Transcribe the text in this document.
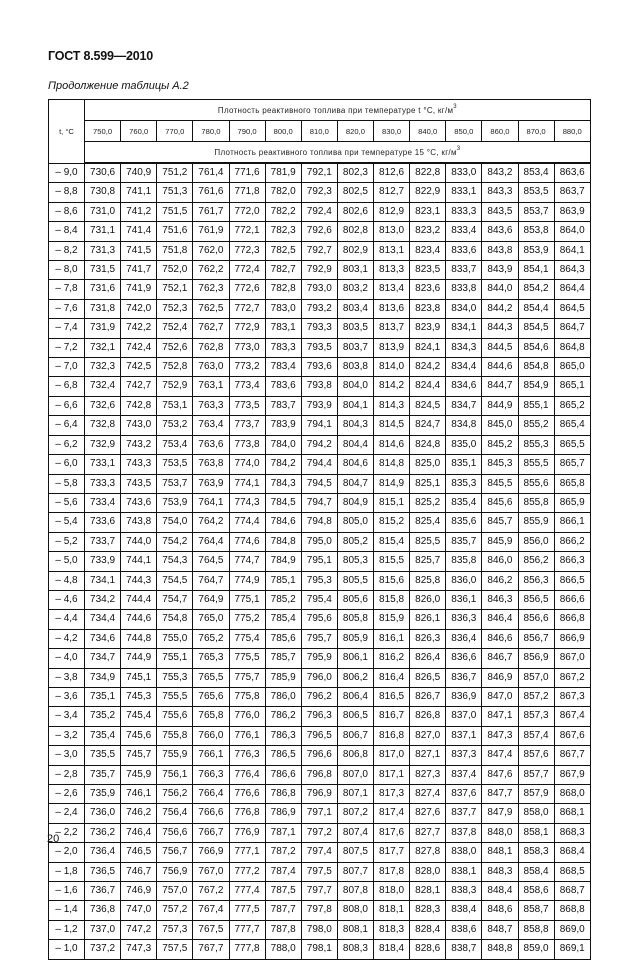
ГОСТ 8.599—2010
Продолжение таблицы А.2
t, °C	Плотность реактивного топлива при температуре t °C, $кг/м^3$
	750,0	760,0	770,0	780,0	790,0	800,0	810,0	820,0	830,0	840,0	850,0	860,0	870,0	880,0
	Плотность реактивного топлива при температуре 15 °C, $кг/м^3$
– 9,0	730,6	740,9	751,2	761,4	771,6	781,9	792,1	802,3	812,6	822,8	833,0	843,2	853,4	863,6
– 8,8	730,8	741,1	751,3	761,6	771,8	782,0	792,3	802,5	812,7	822,9	833,1	843,3	853,5	863,7
– 8,6	731,0	741,2	751,5	761,7	772,0	782,2	792,4	802,6	812,9	823,1	833,3	843,5	853,7	863,9
– 8,4	731,1	741,4	751,6	761,9	772,1	782,3	792,6	802,8	813,0	823,2	833,4	843,6	853,8	864,0
– 8,2	731,3	741,5	751,8	762,0	772,3	782,5	792,7	802,9	813,1	823,4	833,6	843,8	853,9	864,1
– 8,0	731,5	741,7	752,0	762,2	772,4	782,7	792,9	803,1	813,3	823,5	833,7	843,9	854,1	864,3
– 7,8	731,6	741,9	752,1	762,3	772,6	782,8	793,0	803,2	813,4	823,6	833,8	844,0	854,2	864,4
– 7,6	731,8	742,0	752,3	762,5	772,7	783,0	793,2	803,4	813,6	823,8	834,0	844,2	854,4	864,5
– 7,4	731,9	742,2	752,4	762,7	772,9	783,1	793,3	803,5	813,7	823,9	834,1	844,3	854,5	864,7
– 7,2	732,1	742,4	752,6	762,8	773,0	783,3	793,5	803,7	813,9	824,1	834,3	844,5	854,6	864,8
– 7,0	732,3	742,5	752,8	763,0	773,2	783,4	793,6	803,8	814,0	824,2	834,4	844,6	854,8	865,0
– 6,8	732,4	742,7	752,9	763,1	773,4	783,6	793,8	804,0	814,2	824,4	834,6	844,7	854,9	865,1
– 6,6	732,6	742,8	753,1	763,3	773,5	783,7	793,9	804,1	814,3	824,5	834,7	844,9	855,1	865,2
– 6,4	732,8	743,0	753,2	763,4	773,7	783,9	794,1	804,3	814,5	824,7	834,8	845,0	855,2	865,4
– 6,2	732,9	743,2	753,4	763,6	773,8	784,0	794,2	804,4	814,6	824,8	835,0	845,2	855,3	865,5
– 6,0	733,1	743,3	753,5	763,8	774,0	784,2	794,4	804,6	814,8	825,0	835,1	845,3	855,5	865,7
– 5,8	733,3	743,5	753,7	763,9	774,1	784,3	794,5	804,7	814,9	825,1	835,3	845,5	855,6	865,8
– 5,6	733,4	743,6	753,9	764,1	774,3	784,5	794,7	804,9	815,1	825,2	835,4	845,6	855,8	865,9
– 5,4	733,6	743,8	754,0	764,2	774,4	784,6	794,8	805,0	815,2	825,4	835,6	845,7	855,9	866,1
– 5,2	733,7	744,0	754,2	764,4	774,6	784,8	795,0	805,2	815,4	825,5	835,7	845,9	856,0	866,2
– 5,0	733,9	744,1	754,3	764,5	774,7	784,9	795,1	805,3	815,5	825,7	835,8	846,0	856,2	866,3
– 4,8	734,1	744,3	754,5	764,7	774,9	785,1	795,3	805,5	815,6	825,8	836,0	846,2	856,3	866,5
– 4,6	734,2	744,4	754,7	764,9	775,1	785,2	795,4	805,6	815,8	826,0	836,1	846,3	856,5	866,6
– 4,4	734,4	744,6	754,8	765,0	775,2	785,4	795,6	805,8	815,9	826,1	836,3	846,4	856,6	866,8
– 4,2	734,6	744,8	755,0	765,2	775,4	785,6	795,7	805,9	816,1	826,3	836,4	846,6	856,7	866,9
– 4,0	734,7	744,9	755,1	765,3	775,5	785,7	795,9	806,1	816,2	826,4	836,6	846,7	856,9	867,0
– 3,8	734,9	745,1	755,3	765,5	775,7	785,9	796,0	806,2	816,4	826,5	836,7	846,9	857,0	867,2
– 3,6	735,1	745,3	755,5	765,6	775,8	786,0	796,2	806,4	816,5	826,7	836,9	847,0	857,2	867,3
– 3,4	735,2	745,4	755,6	765,8	776,0	786,2	796,3	806,5	816,7	826,8	837,0	847,1	857,3	867,4
– 3,2	735,4	745,6	755,8	766,0	776,1	786,3	796,5	806,7	816,8	827,0	837,1	847,3	857,4	867,6
– 3,0	735,5	745,7	755,9	766,1	776,3	786,5	796,6	806,8	817,0	827,1	837,3	847,4	857,6	867,7
– 2,8	735,7	745,9	756,1	766,3	776,4	786,6	796,8	807,0	817,1	827,3	837,4	847,6	857,7	867,9
– 2,6	735,9	746,1	756,2	766,4	776,6	786,8	796,9	807,1	817,3	827,4	837,6	847,7	857,9	868,0
– 2,4	736,0	746,2	756,4	766,6	776,8	786,9	797,1	807,2	817,4	827,6	837,7	847,9	858,0	868,1
– 2,2	736,2	746,4	756,6	766,7	776,9	787,1	797,2	807,4	817,6	827,7	837,8	848,0	858,1	868,3
– 2,0	736,4	746,5	756,7	766,9	777,1	787,2	797,4	807,5	817,7	827,8	838,0	848,1	858,3	868,4
– 1,8	736,5	746,7	756,9	767,0	777,2	787,4	797,5	807,7	817,8	828,0	838,1	848,3	858,4	868,5
– 1,6	736,7	746,9	757,0	767,2	777,4	787,5	797,7	807,8	818,0	828,1	838,3	848,4	858,6	868,7
– 1,4	736,8	747,0	757,2	767,4	777,5	787,7	797,8	808,0	818,1	828,3	838,4	848,6	858,7	868,8
– 1,2	737,0	747,2	757,3	767,5	777,7	787,8	798,0	808,1	818,3	828,4	838,6	848,7	858,8	869,0
– 1,0	737,2	747,3	757,5	767,7	777,8	788,0	798,1	808,3	818,4	828,6	838,7	848,8	859,0	869,1
20
